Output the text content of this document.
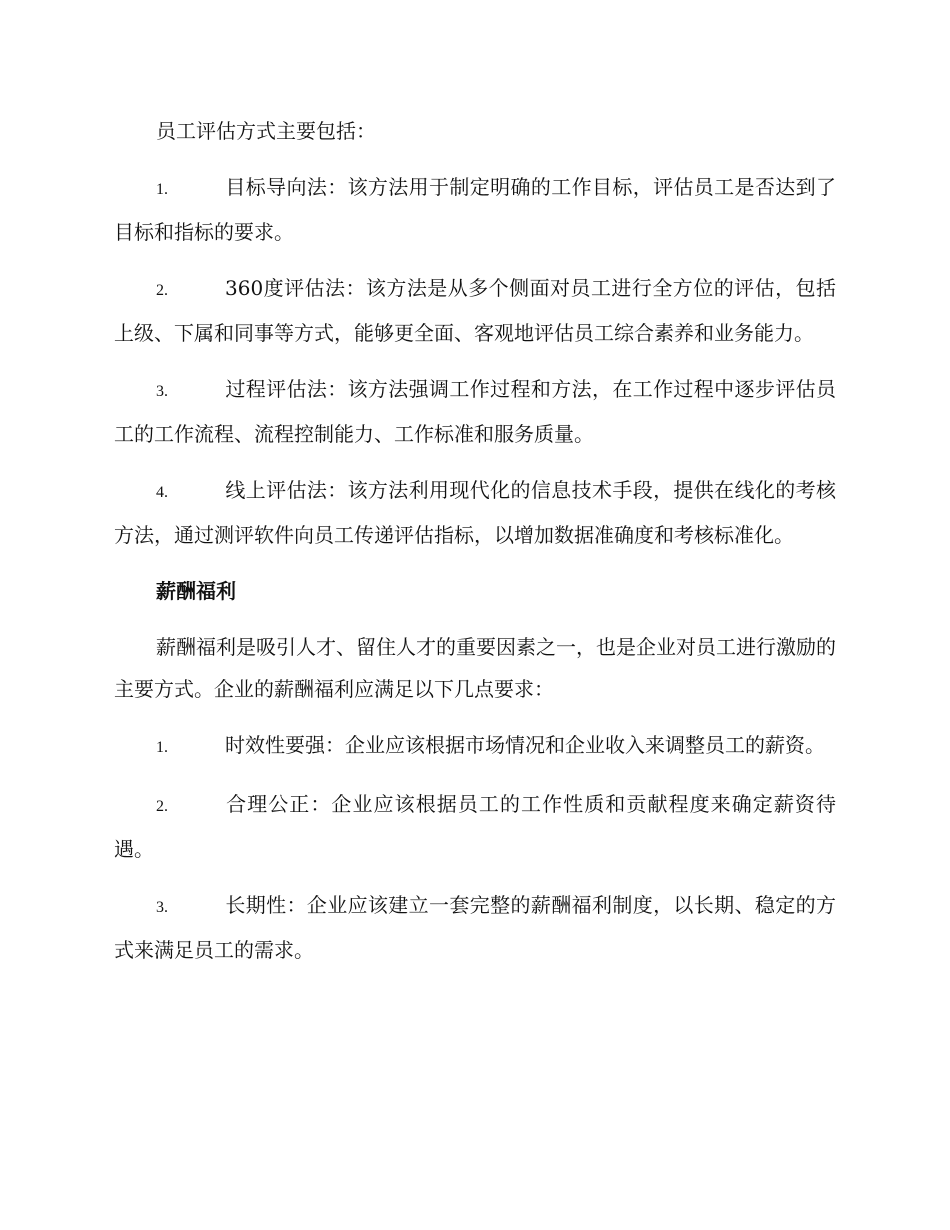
员工评估方式主要包括：

1.	目标导向法：该方法用于制定明确的工作目标，评估员工是否达到了目标和指标的要求。

2.	360度评估法：该方法是从多个侧面对员工进行全方位的评估，包括上级、下属和同事等方式，能够更全面、客观地评估员工综合素养和业务能力。

3.	过程评估法：该方法强调工作过程和方法，在工作过程中逐步评估员工的工作流程、流程控制能力、工作标准和服务质量。

4.	线上评估法：该方法利用现代化的信息技术手段，提供在线化的考核方法，通过测评软件向员工传递评估指标，以增加数据准确度和考核标准化。

薪酬福利

薪酬福利是吸引人才、留住人才的重要因素之一，也是企业对员工进行激励的主要方式。企业的薪酬福利应满足以下几点要求：

1.	时效性要强：企业应该根据市场情况和企业收入来调整员工的薪资。

2.	合理公正：企业应该根据员工的工作性质和贡献程度来确定薪资待遇。

3.	长期性：企业应该建立一套完整的薪酬福利制度，以长期、稳定的方式来满足员工的需求。
